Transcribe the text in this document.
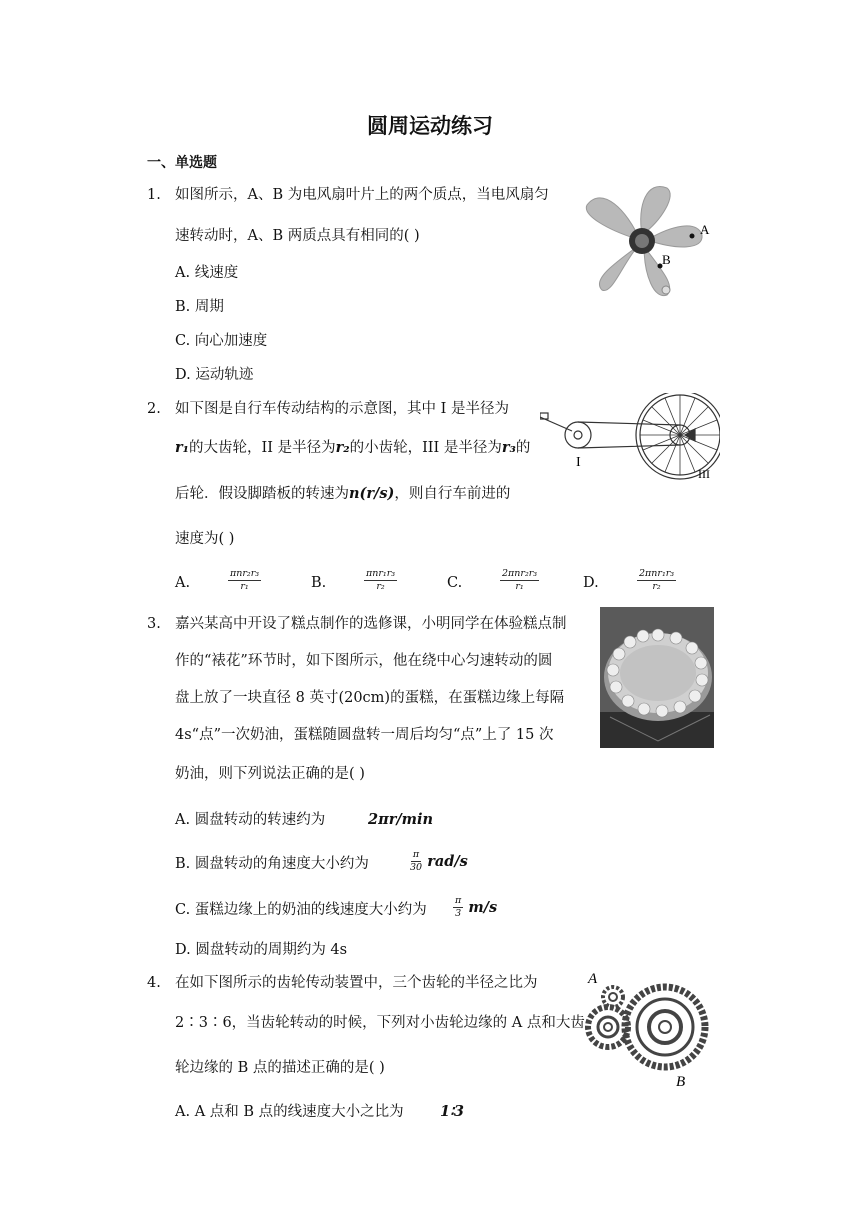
圆周运动练习
一、单选题
1. 如图所示，A、B 为电风扇叶片上的两个质点，当电风扇匀
速转动时，A、B 两质点具有相同的( )
A. 线速度
B. 周期
C. 向心加速度
D. 运动轨迹
A
B
2. 如下图是自行车传动结构的示意图，其中 I 是半径为
r₁的大齿轮，II 是半径为r₂的小齿轮，III 是半径为r₃的
后轮．假设脚踏板的转速为n(r/s)，则自行车前进的
速度为( )
A.	$\frac{\text{πnr₂r₃}}{\text{r₁}}$	B.	$\frac{\text{πnr₁r₃}}{\text{r₂}}$	C.	$\frac{\text{2πnr₂r₃}}{\text{r₁}}$	D.	$\frac{\text{2πnr₁r₃}}{\text{r₂}}$
I
III
3. 嘉兴某高中开设了糕点制作的选修课，小明同学在体验糕点制
作的“裱花”环节时，如下图所示，他在绕中心匀速转动的圆
盘上放了一块直径 8 英寸(20cm)的蛋糕，在蛋糕边缘上每隔
4s“点”一次奶油，蛋糕随圆盘转一周后均匀“点”上了 15 次
奶油，则下列说法正确的是( )
A. 圆盘转动的转速约为	2πr/min
B. 圆盘转动的角速度大小约为	$\frac{\pi}{30} rad/s$
C. 蛋糕边缘上的奶油的线速度大小约为	$\frac{\pi}{3} m/s$
D. 圆盘转动的周期约为 4s
4. 在如下图所示的齿轮传动装置中，三个齿轮的半径之比为
2∶3∶6，当齿轮转动的时候，下列对小齿轮边缘的 A 点和大齿
轮边缘的 B 点的描述正确的是( )
A. A 点和 B 点的线速度大小之比为	1∶3
A
B
